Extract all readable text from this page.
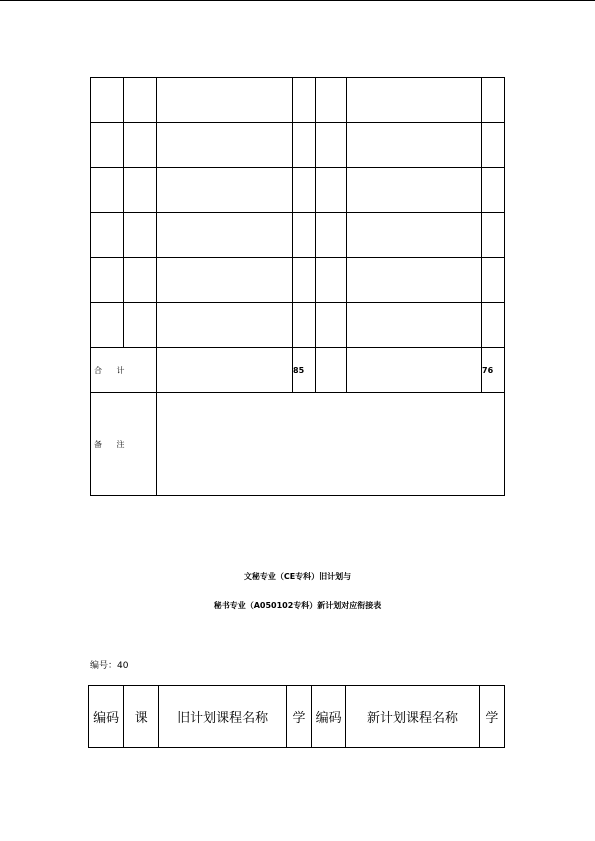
合 计			85			76
备 注						
文秘专业（CE专科）旧计划与
秘书专业（A050102专科）新计划对应衔接表
编号：40
编码	课	旧计划课程名称	学	编码	新计划课程名称	学
